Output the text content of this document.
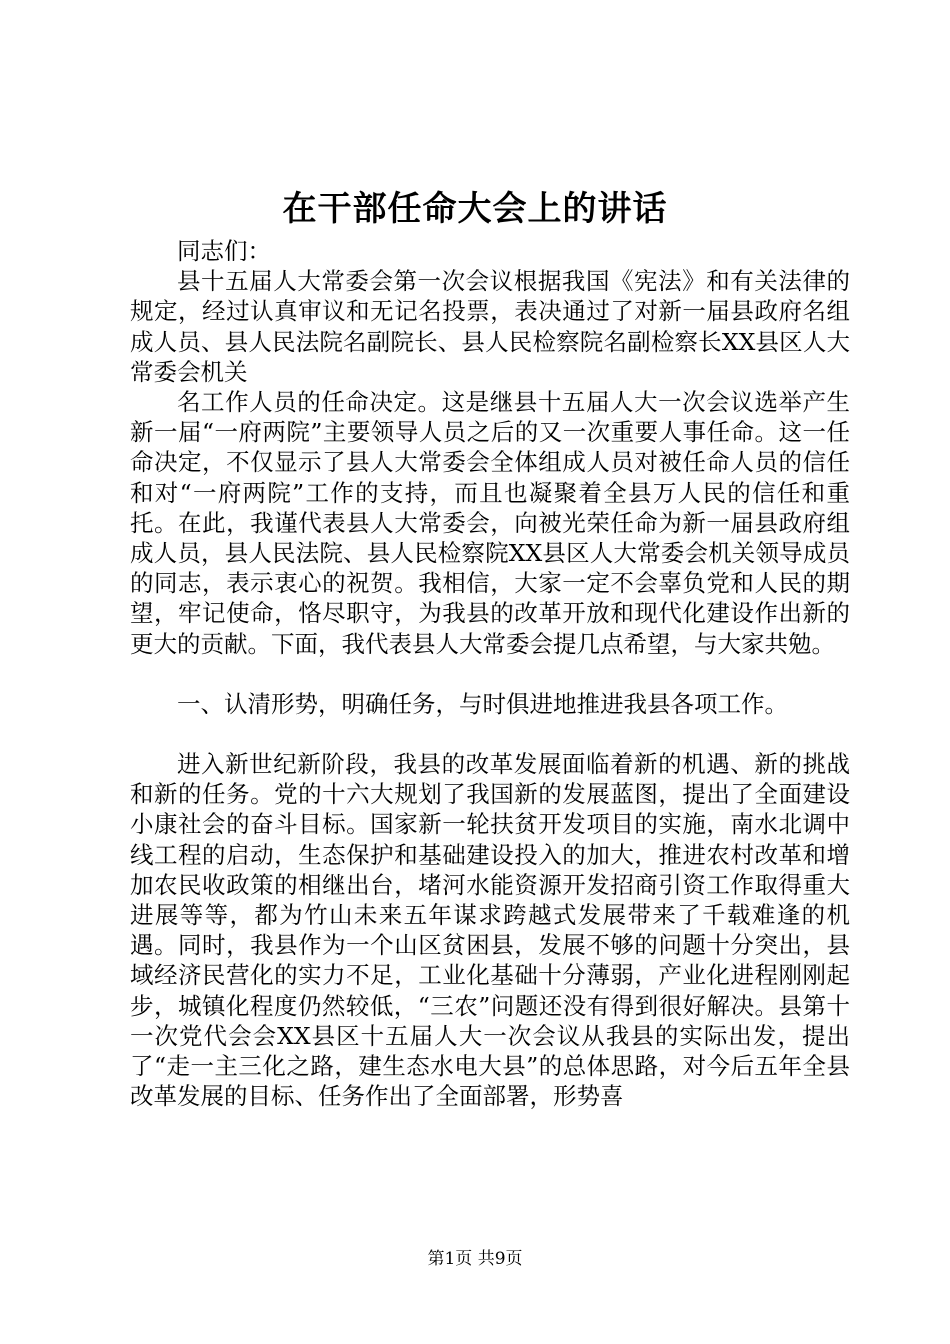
在干部任命大会上的讲话

同志们：

县十五届人大常委会第一次会议根据我国《宪法》和有关法律的规定，经过认真审议和无记名投票，表决通过了对新一届县政府名组成人员、县人民法院名副院长、县人民检察院名副检察长XX县区人大常委会机关

名工作人员的任命决定。这是继县十五届人大一次会议选举产生新一届“一府两院”主要领导人员之后的又一次重要人事任命。这一任命决定，不仅显示了县人大常委会全体组成人员对被任命人员的信任和对“一府两院”工作的支持，而且也凝聚着全县万人民的信任和重托。在此，我谨代表县人大常委会，向被光荣任命为新一届县政府组成人员，县人民法院、县人民检察院XX县区人大常委会机关领导成员的同志，表示衷心的祝贺。我相信，大家一定不会辜负党和人民的期望，牢记使命，恪尽职守，为我县的改革开放和现代化建设作出新的更大的贡献。下面，我代表县人大常委会提几点希望，与大家共勉。

一、认清形势，明确任务，与时俱进地推进我县各项工作。

进入新世纪新阶段，我县的改革发展面临着新的机遇、新的挑战和新的任务。党的十六大规划了我国新的发展蓝图，提出了全面建设小康社会的奋斗目标。国家新一轮扶贫开发项目的实施，南水北调中线工程的启动，生态保护和基础建设投入的加大，推进农村改革和增加农民收政策的相继出台，堵河水能资源开发招商引资工作取得重大进展等等，都为竹山未来五年谋求跨越式发展带来了千载难逢的机遇。同时，我县作为一个山区贫困县，发展不够的问题十分突出，县域经济民营化的实力不足，工业化基础十分薄弱，产业化进程刚刚起步，城镇化程度仍然较低，“三农”问题还没有得到很好解决。县第十一次党代会会XX县区十五届人大一次会议从我县的实际出发，提出了“走一主三化之路，建生态水电大县”的总体思路，对今后五年全县改革发展的目标、任务作出了全面部署，形势喜

第1页 共9页
